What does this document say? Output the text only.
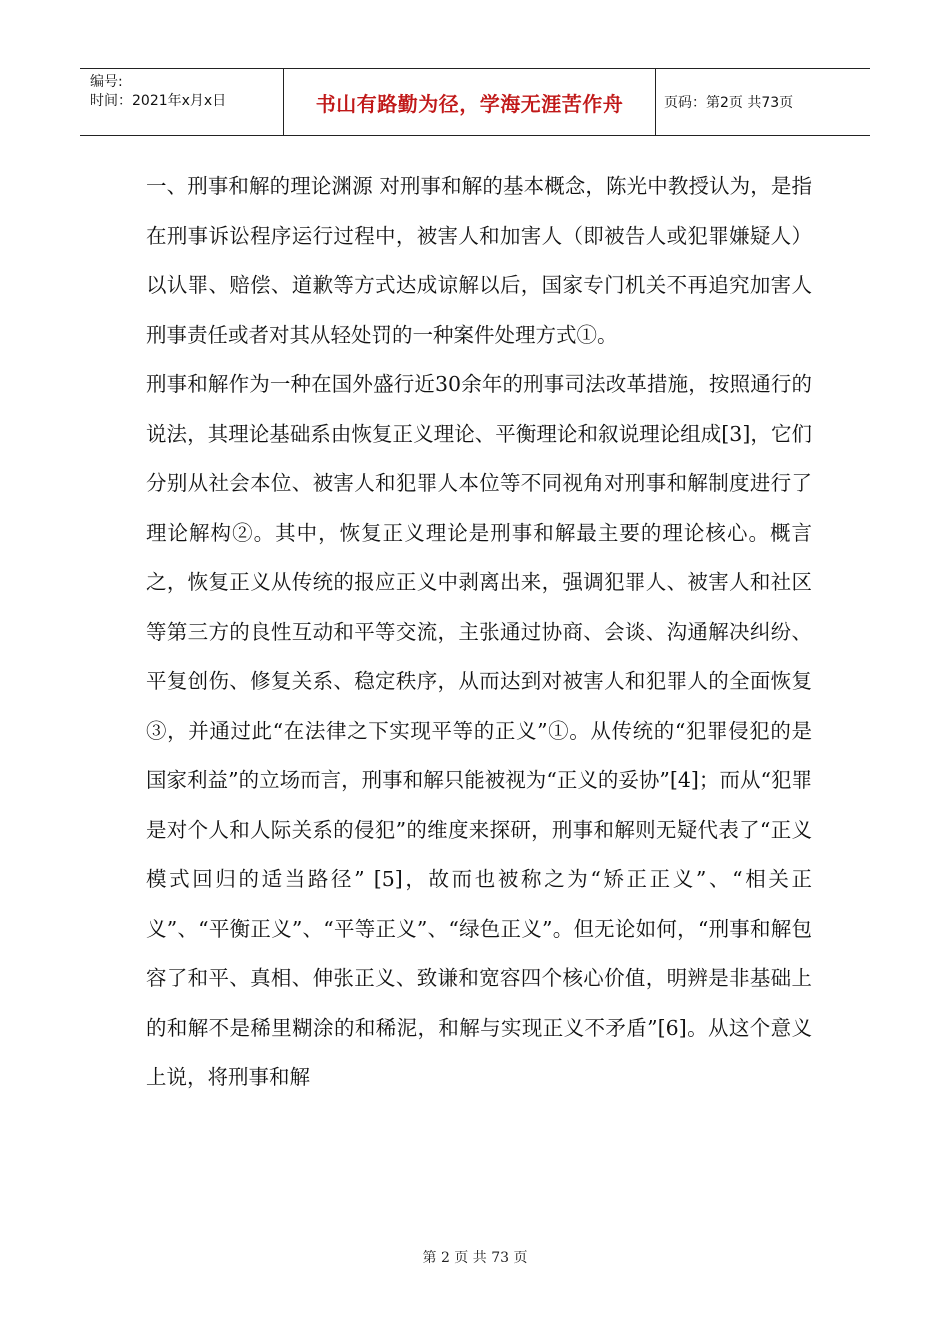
编号:
时间：2021年x月x日	书山有路勤为径，学海无涯苦作舟	页码：第2页 共73页

一、刑事和解的理论渊源 对刑事和解的基本概念，陈光中教授认为，是指在刑事诉讼程序运行过程中，被害人和加害人（即被告人或犯罪嫌疑人）以认罪、赔偿、道歉等方式达成谅解以后，国家专门机关不再追究加害人刑事责任或者对其从轻处罚的一种案件处理方式①。

刑事和解作为一种在国外盛行近30余年的刑事司法改革措施，按照通行的说法，其理论基础系由恢复正义理论、平衡理论和叙说理论组成[3]，它们分别从社会本位、被害人和犯罪人本位等不同视角对刑事和解制度进行了理论解构②。其中，恢复正义理论是刑事和解最主要的理论核心。概言之，恢复正义从传统的报应正义中剥离出来，强调犯罪人、被害人和社区等第三方的良性互动和平等交流，主张通过协商、会谈、沟通解决纠纷、平复创伤、修复关系、稳定秩序，从而达到对被害人和犯罪人的全面恢复③，并通过此“在法律之下实现平等的正义”①。从传统的“犯罪侵犯的是国家利益”的立场而言，刑事和解只能被视为“正义的妥协”[4]；而从“犯罪是对个人和人际关系的侵犯”的维度来探研，刑事和解则无疑代表了“正义模式回归的适当路径” [5]，故而也被称之为“矫正正义”、“相关正义”、“平衡正义”、“平等正义”、“绿色正义”。但无论如何，“刑事和解包容了和平、真相、伸张正义、致谦和宽容四个核心价值，明辨是非基础上的和解不是稀里糊涂的和稀泥，和解与实现正义不矛盾”[6]。从这个意义上说，将刑事和解

第 2 页 共 73 页
